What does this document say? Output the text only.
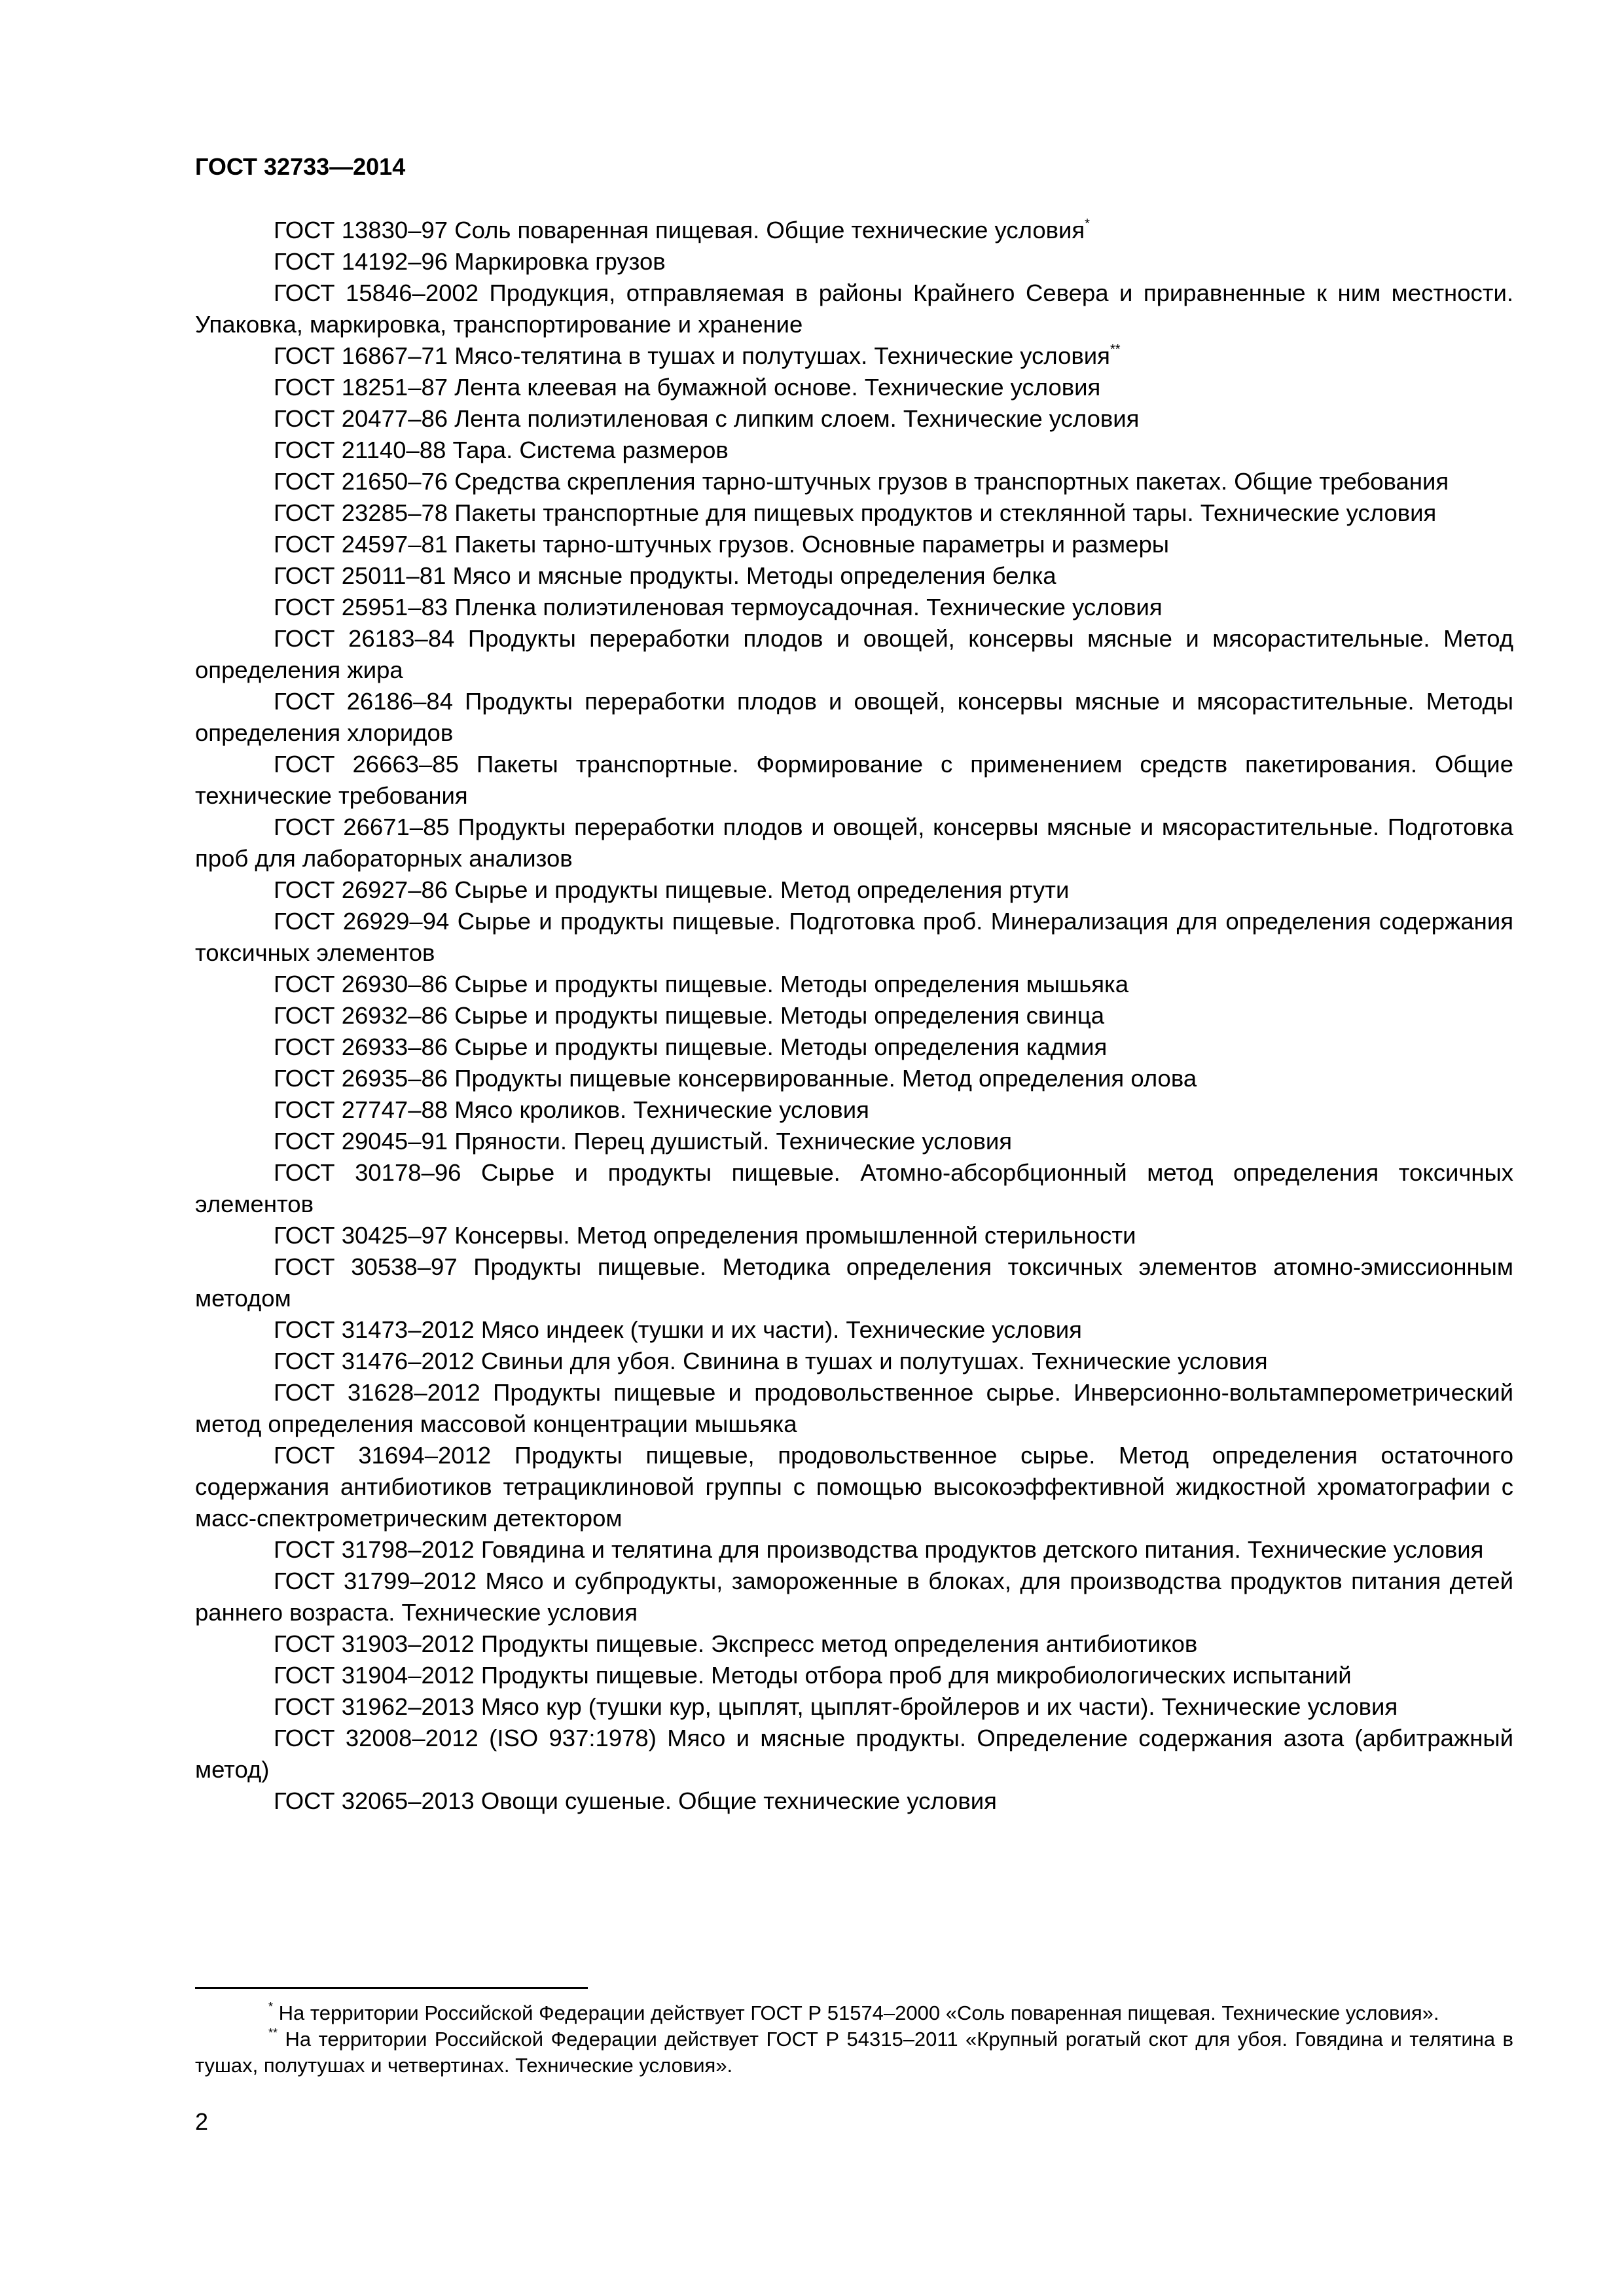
ГОСТ 32733—2014

ГОСТ 13830–97 Соль поваренная пищевая. Общие технические условия*

ГОСТ 14192–96 Маркировка грузов

ГОСТ 15846–2002 Продукция, отправляемая в районы Крайнего Севера и приравненные к ним местности. Упаковка, маркировка, транспортирование и хранение

ГОСТ 16867–71 Мясо-телятина в тушах и полутушах. Технические условия**

ГОСТ 18251–87 Лента клеевая на бумажной основе. Технические условия

ГОСТ 20477–86 Лента полиэтиленовая с липким слоем. Технические условия

ГОСТ 21140–88 Тара. Система размеров

ГОСТ 21650–76 Средства скрепления тарно-штучных грузов в транспортных пакетах. Общие требования

ГОСТ 23285–78 Пакеты транспортные для пищевых продуктов и стеклянной тары. Технические условия

ГОСТ 24597–81 Пакеты тарно-штучных грузов. Основные параметры и размеры

ГОСТ 25011–81 Мясо и мясные продукты. Методы определения белка

ГОСТ 25951–83 Пленка полиэтиленовая термоусадочная. Технические условия

ГОСТ 26183–84 Продукты переработки плодов и овощей, консервы мясные и мясорастительные. Метод определения жира

ГОСТ 26186–84 Продукты переработки плодов и овощей, консервы мясные и мясорастительные. Методы определения хлоридов

ГОСТ 26663–85 Пакеты транспортные. Формирование с применением средств пакетирования. Общие технические требования

ГОСТ 26671–85 Продукты переработки плодов и овощей, консервы мясные и мясорастительные. Подготовка проб для лабораторных анализов

ГОСТ 26927–86 Сырье и продукты пищевые. Метод определения ртути

ГОСТ 26929–94 Сырье и продукты пищевые. Подготовка проб. Минерализация для определения содержания токсичных элементов

ГОСТ 26930–86 Сырье и продукты пищевые. Методы определения мышьяка

ГОСТ 26932–86 Сырье и продукты пищевые. Методы определения свинца

ГОСТ 26933–86 Сырье и продукты пищевые. Методы определения кадмия

ГОСТ 26935–86 Продукты пищевые консервированные. Метод определения олова

ГОСТ 27747–88 Мясо кроликов. Технические условия

ГОСТ 29045–91 Пряности. Перец душистый. Технические условия

ГОСТ 30178–96 Сырье и продукты пищевые. Атомно-абсорбционный метод определения токсичных элементов

ГОСТ 30425–97 Консервы. Метод определения промышленной стерильности

ГОСТ 30538–97 Продукты пищевые. Методика определения токсичных элементов атомно-эмиссионным методом

ГОСТ 31473–2012 Мясо индеек (тушки и их части). Технические условия

ГОСТ 31476–2012 Свиньи для убоя. Свинина в тушах и полутушах. Технические условия

ГОСТ 31628–2012 Продукты пищевые и продовольственное сырье. Инверсионно-вольтамперометрический метод определения массовой концентрации мышьяка

ГОСТ 31694–2012 Продукты пищевые, продовольственное сырье. Метод определения остаточного содержания антибиотиков тетрациклиновой группы с помощью высокоэффективной жидкостной хроматографии с масс-спектрометрическим детектором

ГОСТ 31798–2012 Говядина и телятина для производства продуктов детского питания. Технические условия

ГОСТ 31799–2012 Мясо и субпродукты, замороженные в блоках, для производства продуктов питания детей раннего возраста. Технические условия

ГОСТ 31903–2012 Продукты пищевые. Экспресс метод определения антибиотиков

ГОСТ 31904–2012 Продукты пищевые. Методы отбора проб для микробиологических испытаний

ГОСТ 31962–2013 Мясо кур (тушки кур, цыплят, цыплят-бройлеров и их части). Технические условия

ГОСТ 32008–2012 (ISO 937:1978) Мясо и мясные продукты. Определение содержания азота (арбитражный метод)

ГОСТ 32065–2013 Овощи сушеные. Общие технические условия

* На территории Российской Федерации действует ГОСТ Р 51574–2000 «Соль поваренная пищевая. Технические условия».

** На территории Российской Федерации действует ГОСТ Р 54315–2011 «Крупный рогатый скот для убоя. Говядина и телятина в тушах, полутушах и четвертинах. Технические условия».

2
